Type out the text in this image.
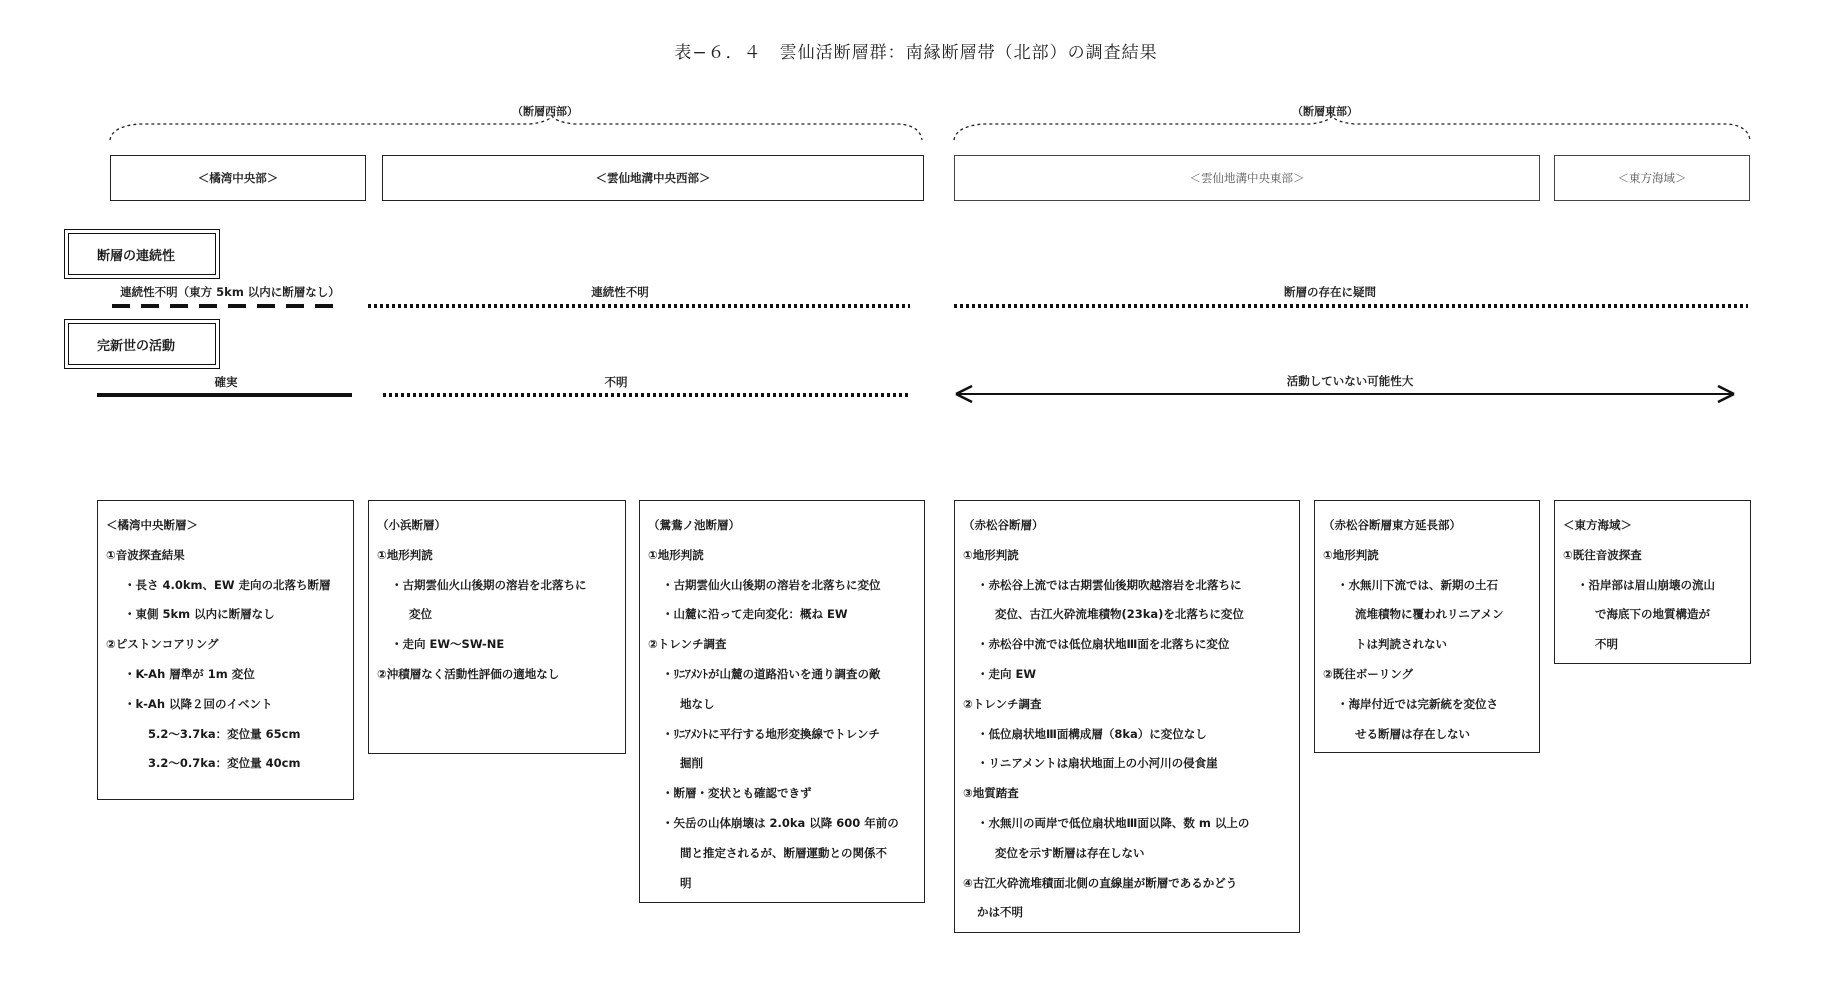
表−６．４　雲仙活断層群：南縁断層帯（北部）の調査結果
（断層西部）	（断層東部）
＜橘湾中央部＞	＜雲仙地溝中央西部＞	＜雲仙地溝中央東部＞	＜東方海域＞
断層の連続性
完新世の活動
連続性不明（東方 5km 以内に断層なし）	連続性不明	断層の存在に疑問
確実	不明	活動していない可能性大
＜橘湾中央断層＞
①音波探査結果
・長さ 4.0km、EW 走向の北落ち断層
・東側 5km 以内に断層なし
②ピストンコアリング
・K-Ah 層準が 1m 変位
・k-Ah 以降２回のイベント
5.2〜3.7ka：変位量 65cm
3.2〜0.7ka：変位量 40cm
（小浜断層）
①地形判読
・古期雲仙火山後期の溶岩を北落ちに
変位
・走向 EW〜SW-NE
②沖積層なく活動性評価の適地なし
（鴛鴦ノ池断層）
①地形判読
・古期雲仙火山後期の溶岩を北落ちに変位
・山麓に沿って走向変化：概ね EW
②トレンチ調査
・ﾘﾆｱﾒﾝﾄが山麓の道路沿いを通り調査の敵
地なし
・ﾘﾆｱﾒﾝﾄに平行する地形変換線でトレンチ
掘削
・断層・変状とも確認できず
・矢岳の山体崩壊は 2.0ka 以降 600 年前の
間と推定されるが、断層運動との関係不
明
（赤松谷断層）
①地形判読
・赤松谷上流では古期雲仙後期吹越溶岩を北落ちに
変位、古江火砕流堆積物(23ka)を北落ちに変位
・赤松谷中流では低位扇状地Ⅲ面を北落ちに変位
・走向 EW
②トレンチ調査
・低位扇状地Ⅲ面構成層（8ka）に変位なし
・リニアメントは扇状地面上の小河川の侵食崖
③地質踏査
・水無川の両岸で低位扇状地Ⅲ面以降、数 m 以上の
変位を示す断層は存在しない
④古江火砕流堆積面北側の直線崖が断層であるかどう
かは不明
（赤松谷断層東方延長部）
①地形判読
・水無川下流では、新期の土石
流堆積物に覆われリニアメン
トは判読されない
②既往ボーリング
・海岸付近では完新統を変位さ
せる断層は存在しない
＜東方海域＞
①既往音波探査
・沿岸部は眉山崩壊の流山
で海底下の地質構造が
不明
